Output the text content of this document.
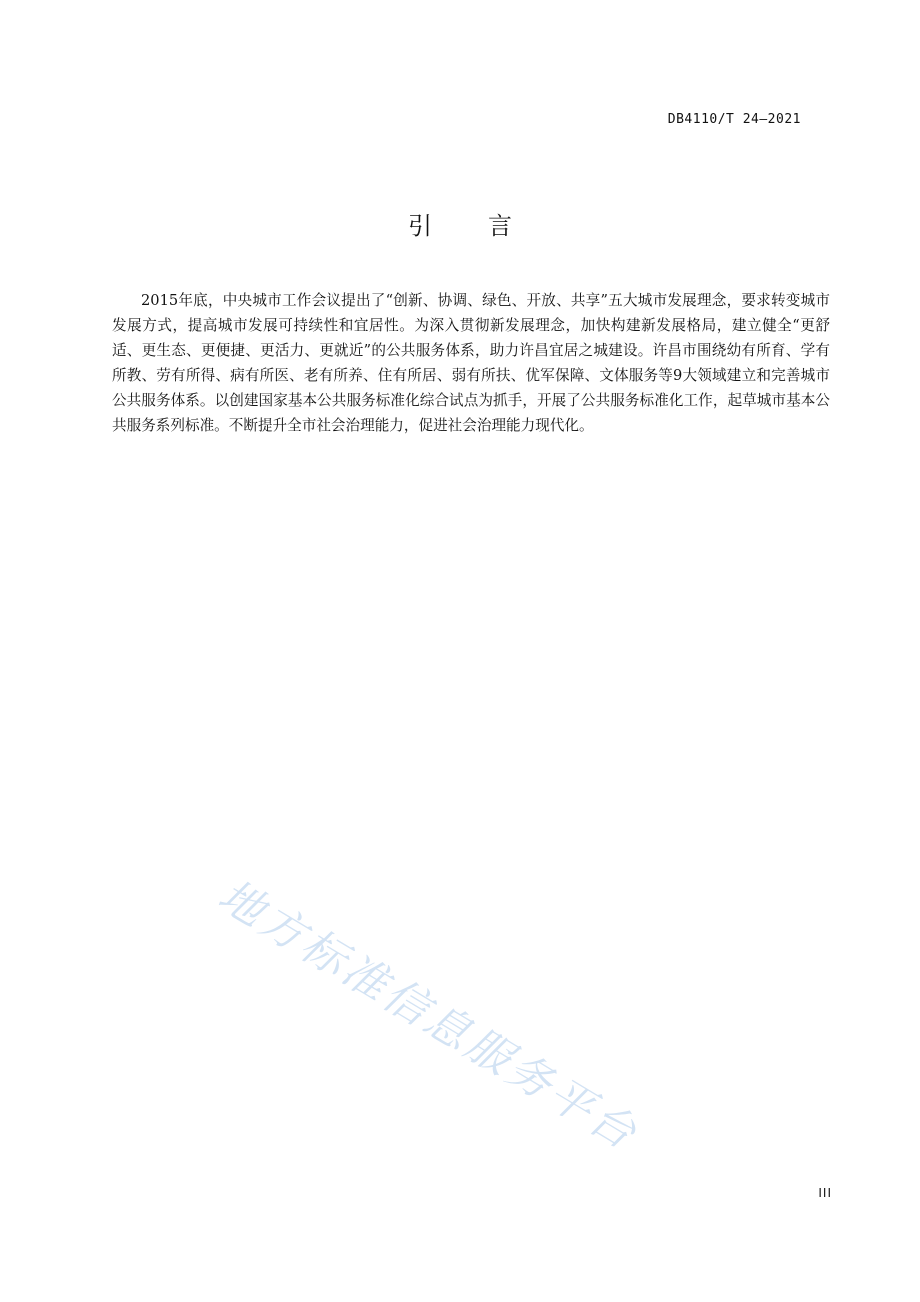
DB4110/T 24—2021
引言

2015年底，中央城市工作会议提出了“创新、协调、绿色、开放、共享”五大城市发展理念，要求转变城市发展方式，提高城市发展可持续性和宜居性。为深入贯彻新发展理念，加快构建新发展格局，建立健全“更舒适、更生态、更便捷、更活力、更就近”的公共服务体系，助力许昌宜居之城建设。许昌市围绕幼有所育、学有所教、劳有所得、病有所医、老有所养、住有所居、弱有所扶、优军保障、文体服务等9大领域建立和完善城市公共服务体系。以创建国家基本公共服务标准化综合试点为抓手，开展了公共服务标准化工作，起草城市基本公共服务系列标准。不断提升全市社会治理能力，促进社会治理能力现代化。

地方标准信息服务平台
III
